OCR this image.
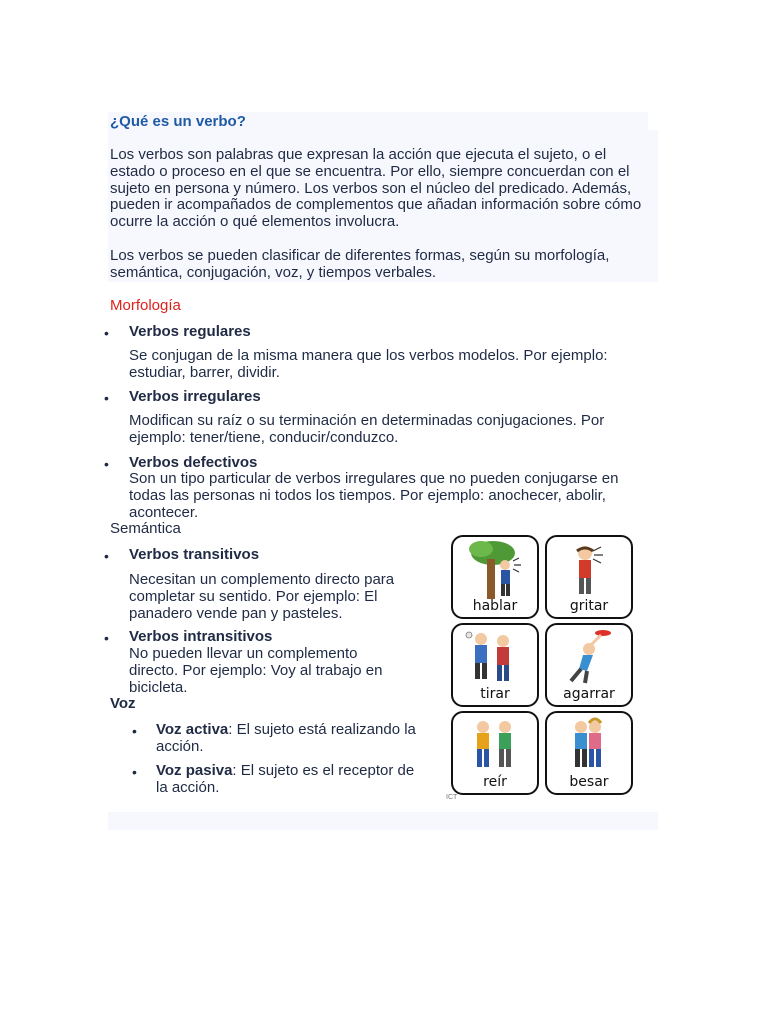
¿Qué es un verbo?
Los verbos son palabras que expresan la acción que ejecuta el sujeto, o el
estado o proceso en el que se encuentra. Por ello, siempre concuerdan con el
sujeto en persona y número. Los verbos son el núcleo del predicado. Además,
pueden ir acompañados de complementos que añadan información sobre cómo
ocurre la acción o qué elementos involucra.
Los verbos se pueden clasificar de diferentes formas, según su morfología,
semántica, conjugación, voz, y tiempos verbales.
Morfología
• Verbos regulares
Se conjugan de la misma manera que los verbos modelos. Por ejemplo:
estudiar, barrer, dividir.
• Verbos irregulares
Modifican su raíz o su terminación en determinadas conjugaciones. Por
ejemplo: tener/tiene, conducir/conduzco.
• Verbos defectivos
Son un tipo particular de verbos irregulares que no pueden conjugarse en
todas las personas ni todos los tiempos. Por ejemplo: anochecer, abolir,
acontecer.
Semántica
• Verbos transitivos
Necesitan un complemento directo para
completar su sentido. Por ejemplo: El
panadero vende pan y pasteles.
• Verbos intransitivos
No pueden llevar un complemento
directo. Por ejemplo: Voy al trabajo en
bicicleta.
Voz
• Voz activa: El sujeto está realizando la
acción.
• Voz pasiva: El sujeto es el receptor de
la acción.
hablar	gritar
tirar	agarrar
reír	besar
ICT
